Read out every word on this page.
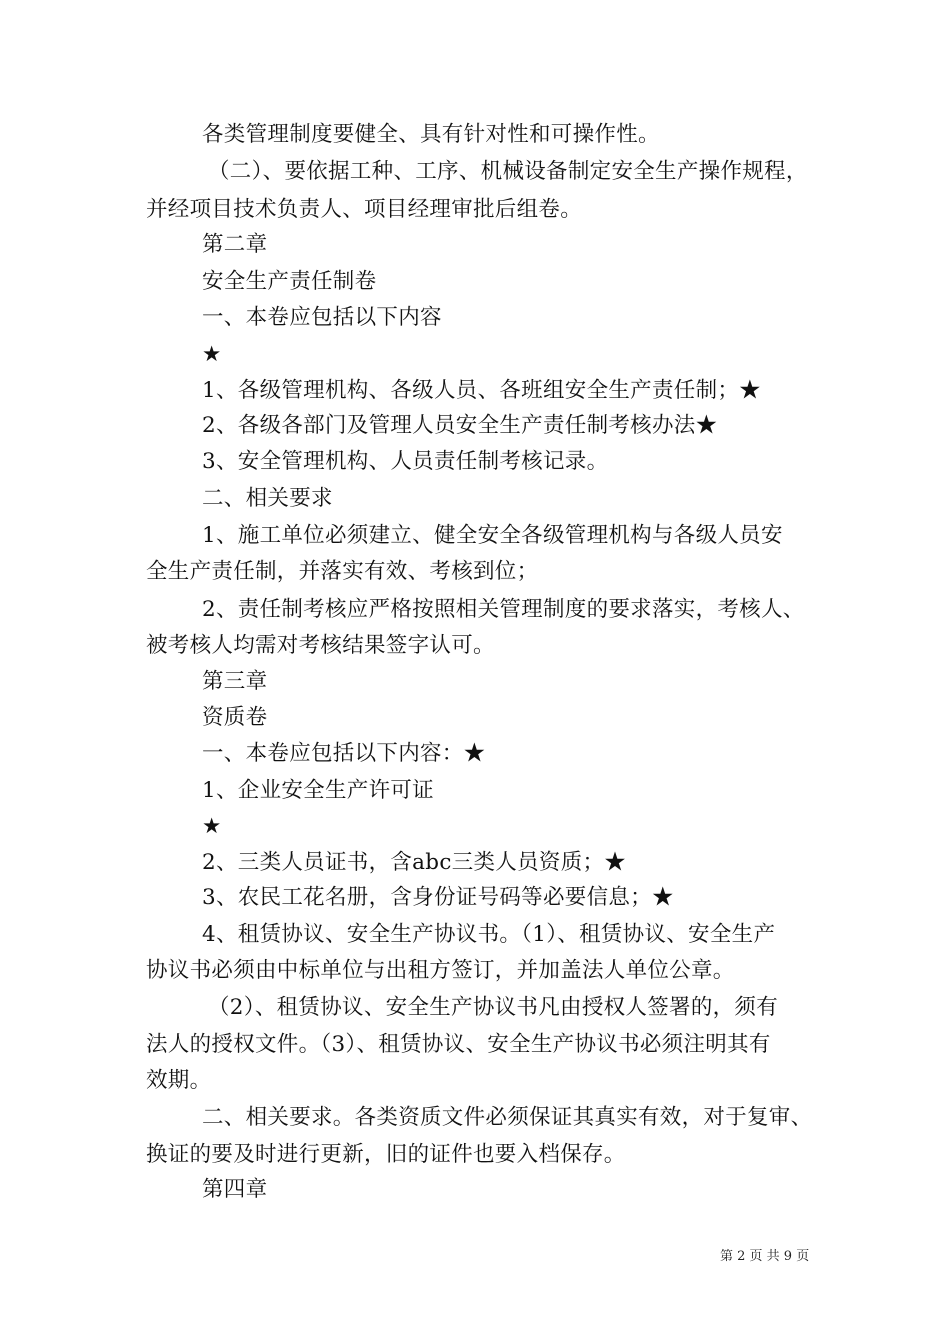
各类管理制度要健全、具有针对性和可操作性。
（二）、要依据工种、工序、机械设备制定安全生产操作规程，
并经项目技术负责人、项目经理审批后组卷。
第二章
安全生产责任制卷
一、本卷应包括以下内容
★
1、各级管理机构、各级人员、各班组安全生产责任制；★
2、各级各部门及管理人员安全生产责任制考核办法★
3、安全管理机构、人员责任制考核记录。
二、相关要求
1、施工单位必须建立、健全安全各级管理机构与各级人员安
全生产责任制，并落实有效、考核到位；
2、责任制考核应严格按照相关管理制度的要求落实，考核人、
被考核人均需对考核结果签字认可。
第三章
资质卷
一、本卷应包括以下内容：★
1、企业安全生产许可证
★
2、三类人员证书，含abc三类人员资质；★
3、农民工花名册，含身份证号码等必要信息；★
4、租赁协议、安全生产协议书。（1）、租赁协议、安全生产
协议书必须由中标单位与出租方签订，并加盖法人单位公章。
（2）、租赁协议、安全生产协议书凡由授权人签署的，须有
法人的授权文件。（3）、租赁协议、安全生产协议书必须注明其有
效期。
二、相关要求。各类资质文件必须保证其真实有效，对于复审、
换证的要及时进行更新，旧的证件也要入档保存。
第四章
第 2 页 共 9 页
